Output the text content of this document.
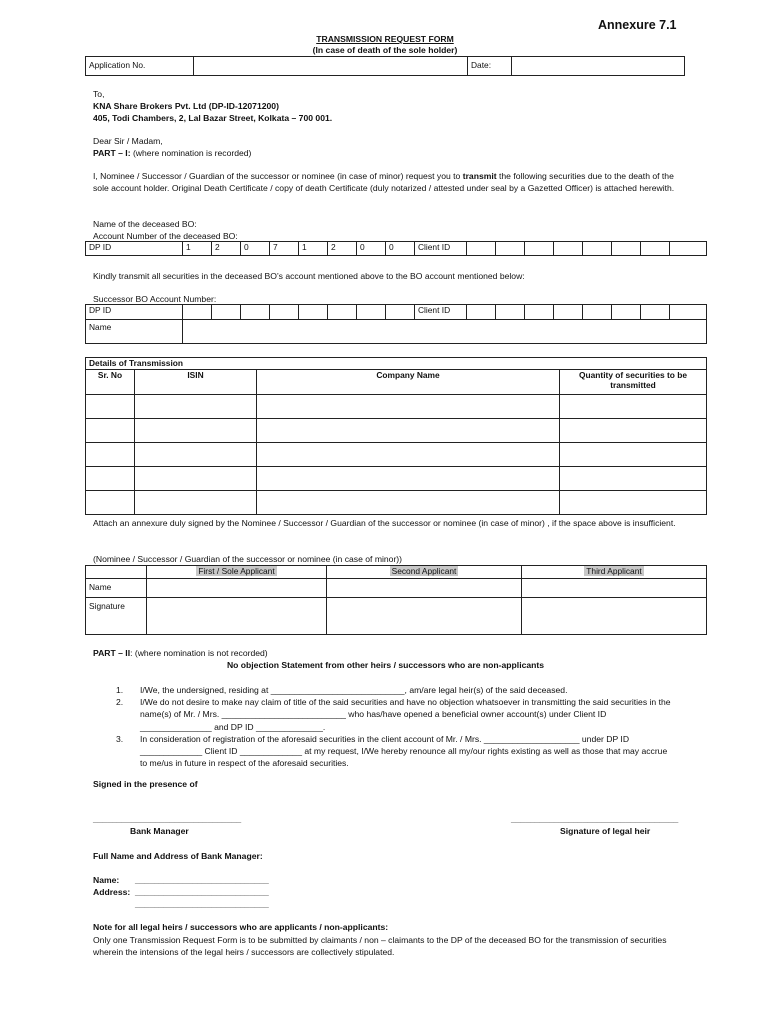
Annexure 7.1
TRANSMISSION REQUEST FORM
(In case of death of the sole holder)
Application No.		Date:	

To,

KNA Share Brokers Pvt. Ltd (DP-ID-12071200)

405, Todi Chambers, 2, Lal Bazar Street, Kolkata – 700 001.

Dear Sir / Madam,

PART – I: (where nomination is recorded)

I, Nominee / Successor / Guardian of the successor or nominee (in case of minor) request you to transmit the following securities due to the death of the sole account holder. Original Death Certificate / copy of death Certificate (duly notarized / attested under seal by a Gazetted Officer) is attached herewith.

Name of the deceased BO:

Account Number of the deceased BO:

DP ID	1	2	0	7	1	2	0	0	Client ID								
Kindly transmit all securities in the deceased BO’s account mentioned above to the BO account mentioned below:
Successor BO Account Number:
DP ID									Client ID								
Name																	
Details of Transmission			
Sr. No	ISIN	Company Name	Quantity of securities to be transmitted

Attach an annexure duly signed by the Nominee / Successor / Guardian of the successor or nominee (in case of minor) , if the space above is insufficient.
(Nominee / Successor / Guardian of the successor or nominee (in case of minor))
	First / Sole Applicant	Second Applicant	Third Applicant
Name			
Signature			
PART – II: (where nomination is not recorded)
No objection Statement from other heirs / successors who are non-applicants
1.	I/We, the undersigned, residing at ____________________________, am/are legal heir(s) of the said deceased.
2.	I/We do not desire to make nay claim of title of the said securities and have no objection whatsoever in transmitting the said securities in the name(s) of Mr. / Mrs. __________________________ who has/have opened a beneficial owner account(s) under Client ID _______________ and DP ID ______________.
3.	In consideration of registration of the aforesaid securities in the client account of Mr. / Mrs. ____________________ under DP ID _____________ Client ID _____________ at my request, I/We hereby renounce all my/our rights existing as well as those that may accrue to me/us in future in respect of the aforesaid securities.
Signed in the presence of
_______________________________
Bank Manager
___________________________________
Signature of legal heir
Full Name and Address of Bank Manager:
Name: ____________________________
Address: ____________________________
____________________________
Note for all legal heirs / successors who are applicants / non-applicants:
Only one Transmission Request Form is to be submitted by claimants / non – claimants to the DP of the deceased BO for the transmission of securities wherein the intensions of the legal heirs / successors are collectively stipulated.
